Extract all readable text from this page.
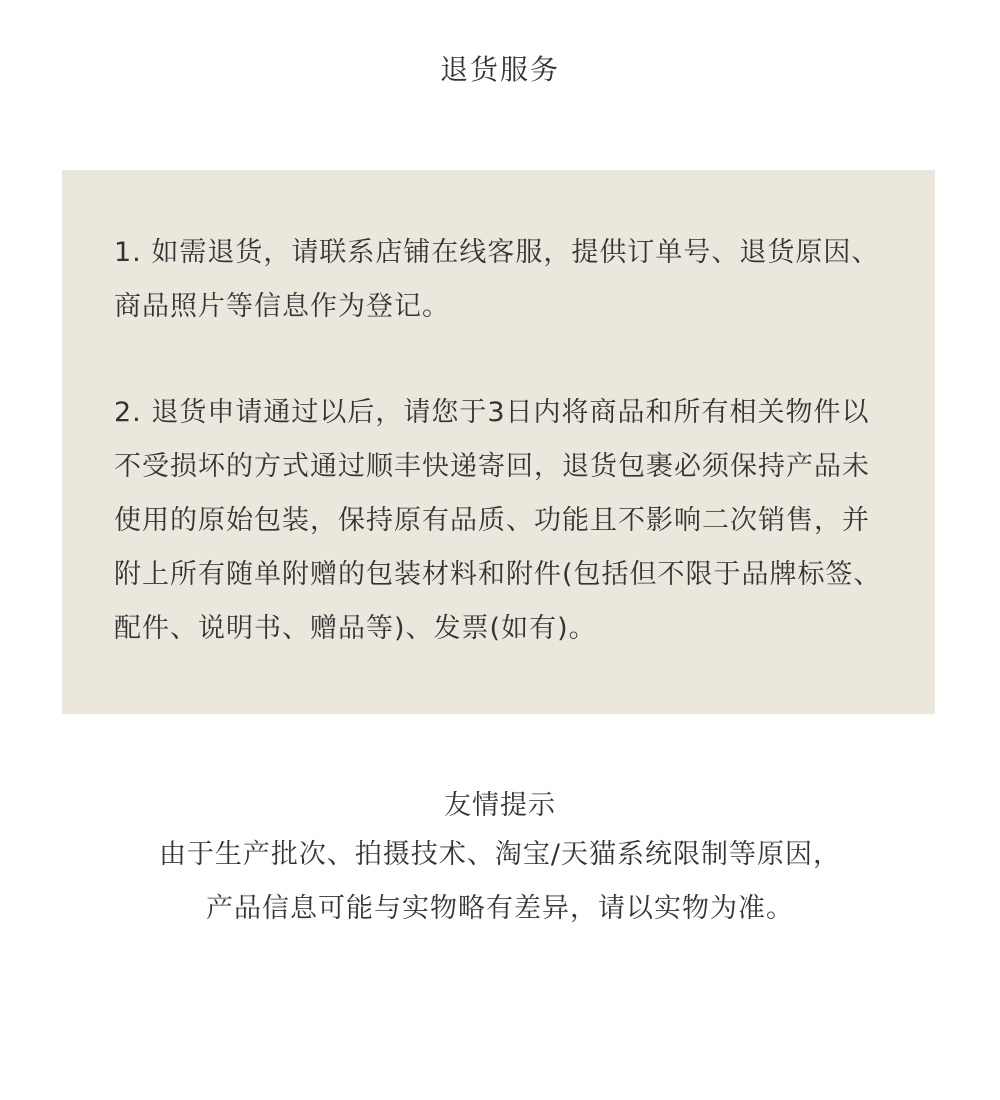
退货服务

1. 如需退货，请联系店铺在线客服，提供订单号、退货原因、商品照片等信息作为登记。

2. 退货申请通过以后，请您于3日内将商品和所有相关物件以不受损坏的方式通过顺丰快递寄回，退货包裹必须保持产品未使用的原始包装，保持原有品质、功能且不影响二次销售，并附上所有随单附赠的包装材料和附件(包括但不限于品牌标签、配件、说明书、赠品等)、发票(如有)。

友情提示
由于生产批次、拍摄技术、淘宝/天猫系统限制等原因，
产品信息可能与实物略有差异，请以实物为准。
